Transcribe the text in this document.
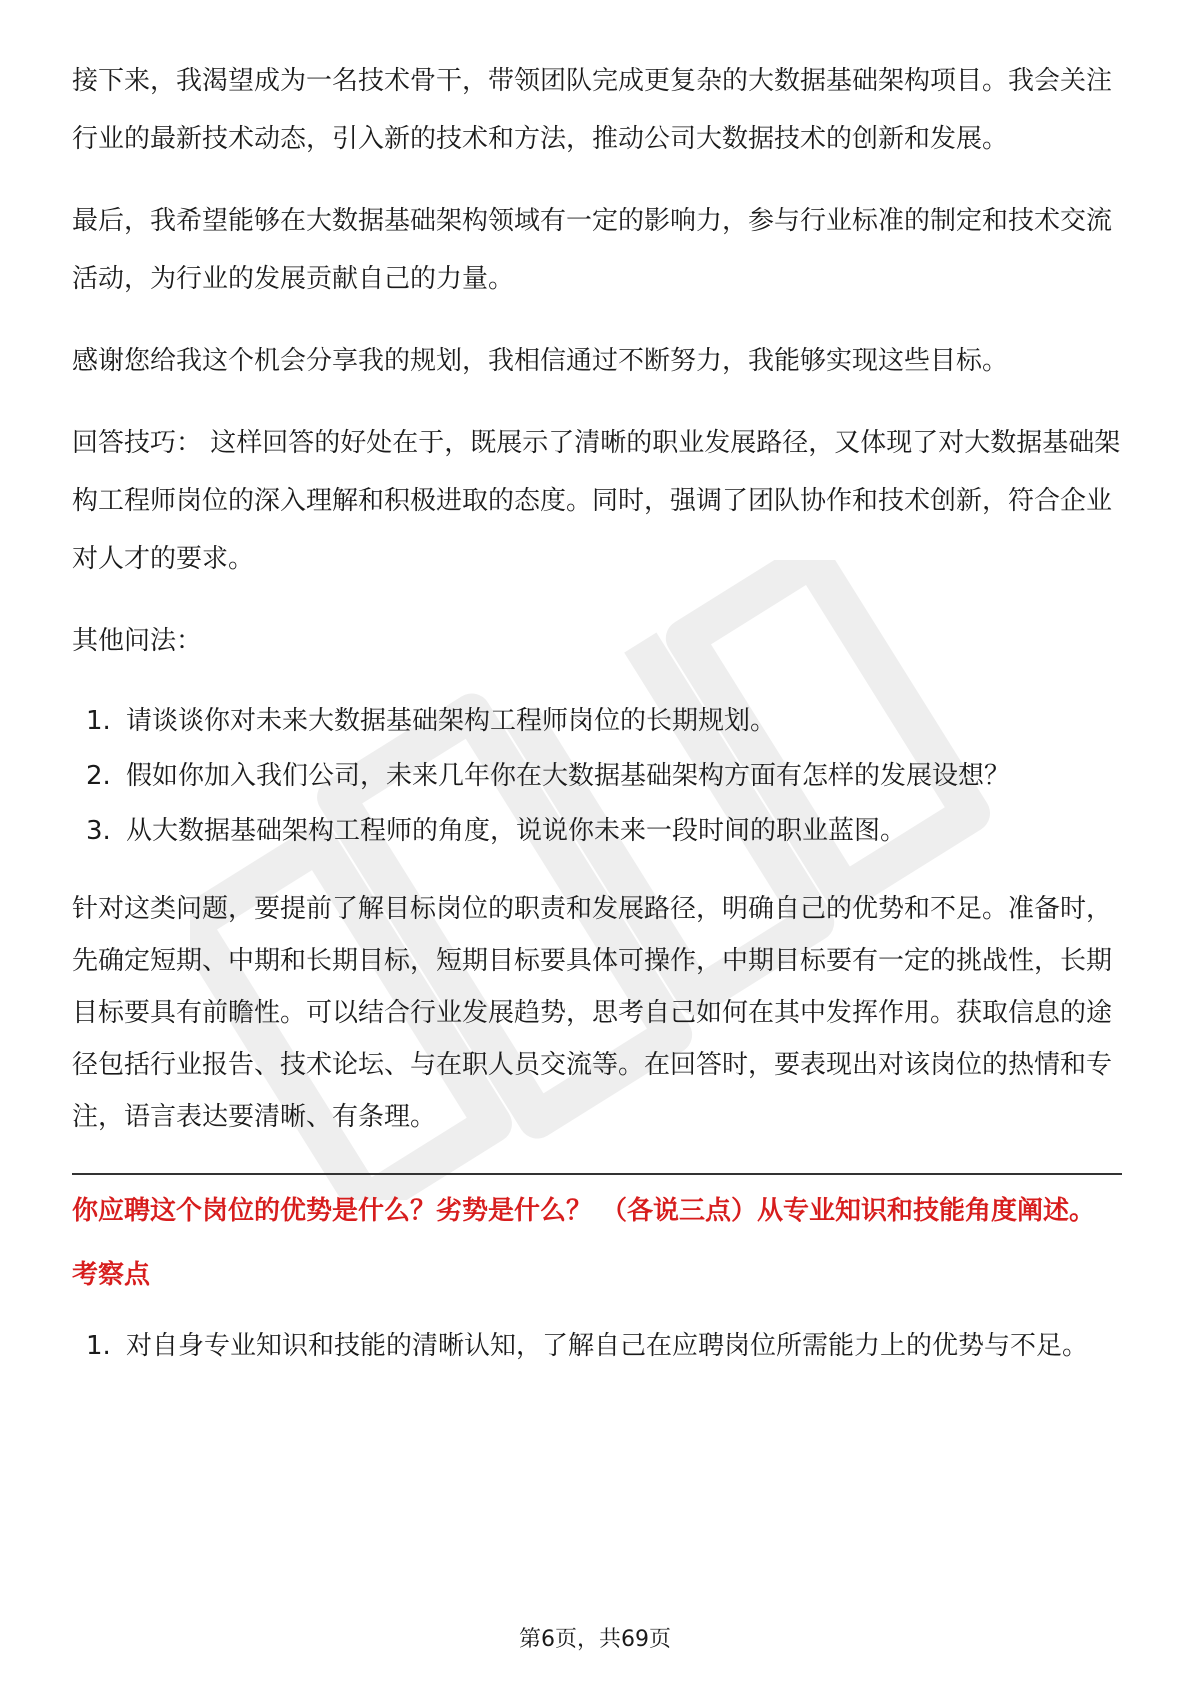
接下来，我渴望成为一名技术骨干，带领团队完成更复杂的大数据基础架构项目。我会关注行业的最新技术动态，引入新的技术和方法，推动公司大数据技术的创新和发展。

最后，我希望能够在大数据基础架构领域有一定的影响力，参与行业标准的制定和技术交流活动，为行业的发展贡献自己的力量。

感谢您给我这个机会分享我的规划，我相信通过不断努力，我能够实现这些目标。

回答技巧： 这样回答的好处在于，既展示了清晰的职业发展路径，又体现了对大数据基础架构工程师岗位的深入理解和积极进取的态度。同时，强调了团队协作和技术创新，符合企业对人才的要求。

其他问法：

1. 请谈谈你对未来大数据基础架构工程师岗位的长期规划。
2. 假如你加入我们公司，未来几年你在大数据基础架构方面有怎样的发展设想？
3. 从大数据基础架构工程师的角度，说说你未来一段时间的职业蓝图。

针对这类问题，要提前了解目标岗位的职责和发展路径，明确自己的优势和不足。准备时，先确定短期、中期和长期目标，短期目标要具体可操作，中期目标要有一定的挑战性，长期目标要具有前瞻性。可以结合行业发展趋势，思考自己如何在其中发挥作用。获取信息的途径包括行业报告、技术论坛、与在职人员交流等。在回答时，要表现出对该岗位的热情和专注，语言表达要清晰、有条理。

你应聘这个岗位的优势是什么？劣势是什么？ （各说三点）从专业知识和技能角度阐述。
考察点
1. 对自身专业知识和技能的清晰认知，了解自己在应聘岗位所需能力上的优势与不足。
第6页，共69页
